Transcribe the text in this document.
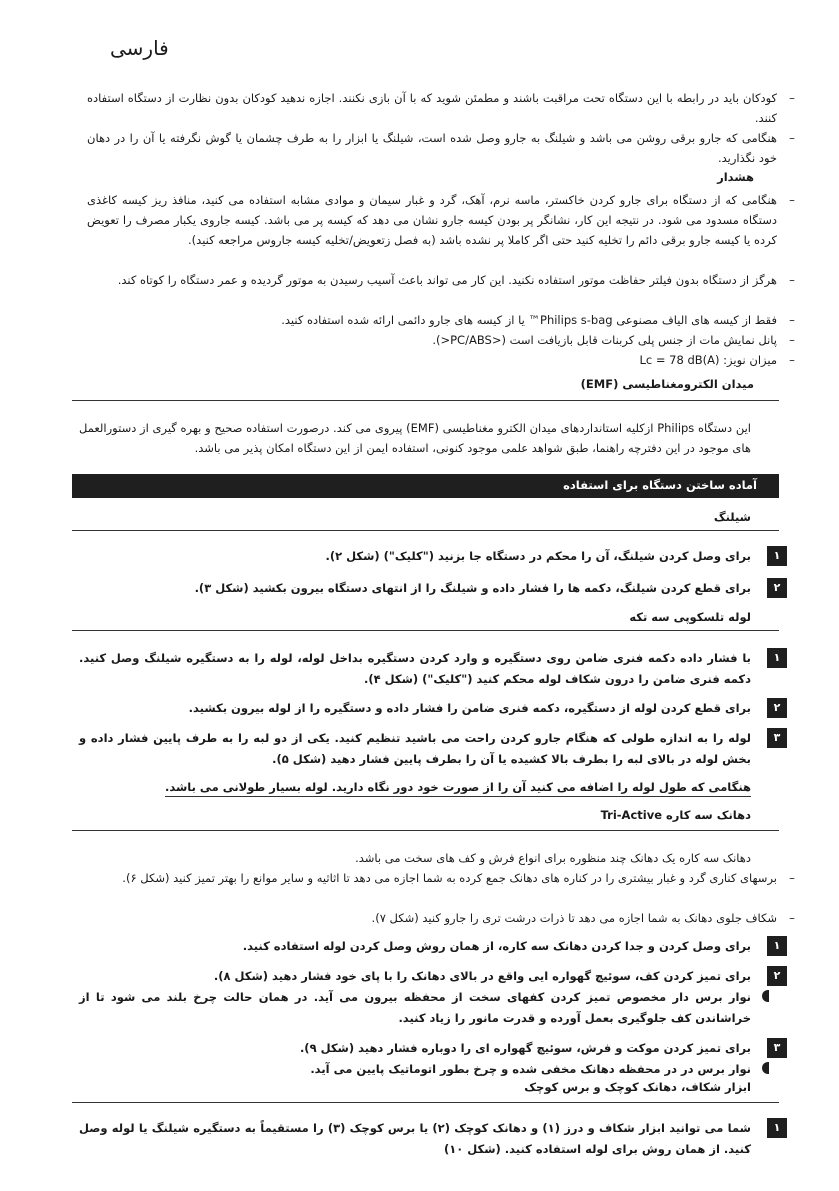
فارسی
–
کودکان باید در رابطه با این دستگاه تحت مراقبت باشند و مطمئن شوید که با آن بازی نکنند. اجازه ندهید کودکان بدون نظارت از دستگاه استفاده کنند.
–
هنگامی که جارو برقی روشن می باشد و شیلنگ به جارو وصل شده است، شیلنگ یا ابزار را به طرف چشمان یا گوش نگرفته یا آن را در دهان خود نگذارید.
هشدار
–
هنگامی که از دستگاه برای جارو کردن خاکستر، ماسه نرم، آهک، گرد و غبار سیمان و موادی مشابه استفاده می کنید، منافذ ریز کیسه کاغذی دستگاه مسدود می شود. در نتیجه این کار، نشانگر پر بودن کیسه جارو نشان می دهد که کیسه پر می باشد. کیسه جاروی یکبار مصرف را تعویض کرده یا کیسه جارو برقی دائم را تخلیه کنید حتی اگر کاملا پر نشده باشد (به فصل زتعویض/تخلیه کیسه جاروس مراجعه کنید).
–
هرگز از دستگاه بدون فیلتر حفاظت موتور استفاده نکنید. این کار می تواند باعث آسیب رسیدن به موتور گردیده و عمر دستگاه را کوتاه کند.
–
فقط از کیسه های الیاف مصنوعی Philips s-bag™ یا از کیسه های جارو دائمی ارائه شده استفاده کنید.
–
پانل نمایش مات از جنس پلی کربنات قابل بازیافت است (<PC/ABS<).
–
میزان نویز: Lc = 78 dB(A)
میدان الکترومغناطیسی (EMF)
این دستگاه Philips ازکلیه استانداردهای میدان الکترو مغناطیسی (EMF) پیروی می کند. درصورت استفاده صحیح و بهره گیری از دستورالعمل های موجود در این دفترچه راهنما، طبق شواهد علمی موجود کنونی، استفاده ایمن از این دستگاه امکان پذیر می باشد.
آماده ساختن دستگاه برای استفاده
شیلنگ
۱
برای وصل کردن شیلنگ، آن را محکم در دستگاه جا بزنید ("کلیک") (شکل ۲).
۲
برای قطع کردن شیلنگ، دکمه ها را فشار داده و شیلنگ را از انتهای دستگاه بیرون بکشید (شکل ۳).
لوله تلسکوپی سه تکه
۱
با فشار داده دکمه فنری ضامن روی دستگیره و وارد کردن دستگیره بداخل لوله، لوله را به دستگیره شیلنگ وصل کنید. دکمه فنری ضامن را درون شکاف لوله محکم کنید ("کلیک") (شکل ۴).
۲
برای قطع کردن لوله از دستگیره، دکمه فنری ضامن را فشار داده و دستگیره را از لوله بیرون بکشید.
۳
لوله را به اندازه طولی که هنگام جارو کردن راحت می باشید تنظیم کنید. یکی از دو لبه را به طرف پایین فشار داده و بخش لوله در بالای لبه را بطرف بالا کشیده یا آن را بطرف پایین فشار دهید (شکل ۵).
هنگامی که طول لوله را اضافه می کنید آن را از صورت خود دور نگاه دارید. لوله بسیار طولانی می باشد.
دهانک سه کاره Tri-Active
دهانک سه کاره یک دهانک چند منظوره برای انواع فرش و کف های سخت می باشد.
–
برسهای کناری گرد و غبار بیشتری را در کناره های دهانک جمع کرده به شما اجازه می دهد تا اثاثیه و سایر موانع را بهتر تمیز کنید (شکل ۶).
–
شکاف جلوی دهانک به شما اجازه می دهد تا ذرات درشت تری را جارو کنید (شکل ۷).
۱
برای وصل کردن و جدا کردن دهانک سه کاره، از همان روش وصل کردن لوله استفاده کنید.
۲
برای تمیز کردن کف، سوئیچ گهواره ایی واقع در بالای دهانک را با پای خود فشار دهید (شکل ۸).
نوار برس دار مخصوص تمیز کردن کفهای سخت از محفظه بیرون می آید. در همان حالت چرخ بلند می شود تا از خراشاندن کف جلوگیری بعمل آورده و قدرت مانور را زیاد کنید.
۳
برای تمیز کردن موکت و فرش، سوئیچ گهواره ای را دوباره فشار دهید (شکل ۹).
نوار برس در در محفظه دهانک مخفی شده و چرخ بطور اتوماتیک پایین می آید.
ابزار شکاف، دهانک کوچک و برس کوچک
۱
شما می توانید ابزار شکاف و درز (۱) و دهانک کوچک (۲) یا برس کوچک (۳) را مستقیماً به دستگیره شیلنگ یا لوله وصل کنید. از همان روش برای لوله استفاده کنید. (شکل ۱۰)
